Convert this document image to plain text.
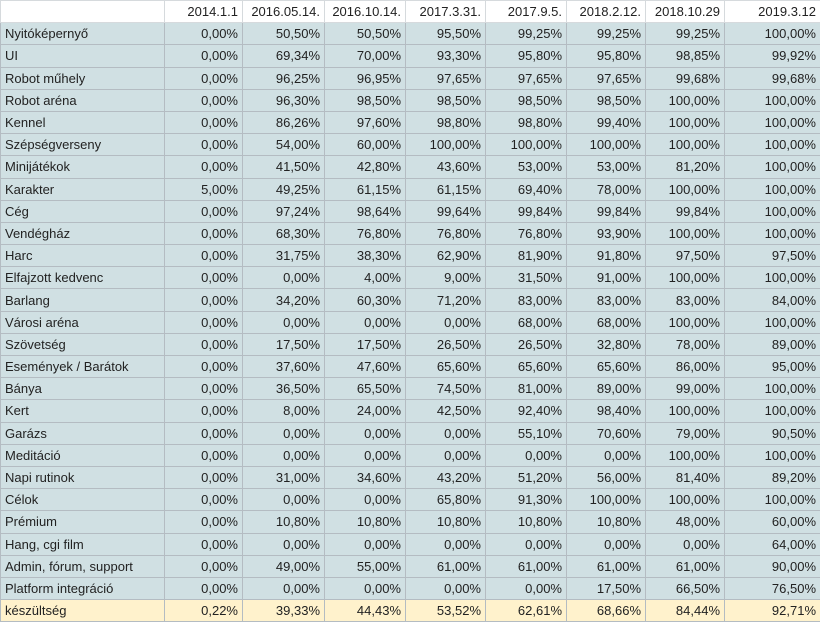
	2014.1.1	2016.05.14.	2016.10.14.	2017.3.31.	2017.9.5.	2018.2.12.	2018.10.29	2019.3.12
Nyitóképernyő	0,00%	50,50%	50,50%	95,50%	99,25%	99,25%	99,25%	100,00%
UI	0,00%	69,34%	70,00%	93,30%	95,80%	95,80%	98,85%	99,92%
Robot műhely	0,00%	96,25%	96,95%	97,65%	97,65%	97,65%	99,68%	99,68%
Robot aréna	0,00%	96,30%	98,50%	98,50%	98,50%	98,50%	100,00%	100,00%
Kennel	0,00%	86,26%	97,60%	98,80%	98,80%	99,40%	100,00%	100,00%
Szépségverseny	0,00%	54,00%	60,00%	100,00%	100,00%	100,00%	100,00%	100,00%
Minijátékok	0,00%	41,50%	42,80%	43,60%	53,00%	53,00%	81,20%	100,00%
Karakter	5,00%	49,25%	61,15%	61,15%	69,40%	78,00%	100,00%	100,00%
Cég	0,00%	97,24%	98,64%	99,64%	99,84%	99,84%	99,84%	100,00%
Vendégház	0,00%	68,30%	76,80%	76,80%	76,80%	93,90%	100,00%	100,00%
Harc	0,00%	31,75%	38,30%	62,90%	81,90%	91,80%	97,50%	97,50%
Elfajzott kedvenc	0,00%	0,00%	4,00%	9,00%	31,50%	91,00%	100,00%	100,00%
Barlang	0,00%	34,20%	60,30%	71,20%	83,00%	83,00%	83,00%	84,00%
Városi aréna	0,00%	0,00%	0,00%	0,00%	68,00%	68,00%	100,00%	100,00%
Szövetség	0,00%	17,50%	17,50%	26,50%	26,50%	32,80%	78,00%	89,00%
Események / Barátok	0,00%	37,60%	47,60%	65,60%	65,60%	65,60%	86,00%	95,00%
Bánya	0,00%	36,50%	65,50%	74,50%	81,00%	89,00%	99,00%	100,00%
Kert	0,00%	8,00%	24,00%	42,50%	92,40%	98,40%	100,00%	100,00%
Garázs	0,00%	0,00%	0,00%	0,00%	55,10%	70,60%	79,00%	90,50%
Meditáció	0,00%	0,00%	0,00%	0,00%	0,00%	0,00%	100,00%	100,00%
Napi rutinok	0,00%	31,00%	34,60%	43,20%	51,20%	56,00%	81,40%	89,20%
Célok	0,00%	0,00%	0,00%	65,80%	91,30%	100,00%	100,00%	100,00%
Prémium	0,00%	10,80%	10,80%	10,80%	10,80%	10,80%	48,00%	60,00%
Hang, cgi film	0,00%	0,00%	0,00%	0,00%	0,00%	0,00%	0,00%	64,00%
Admin, fórum, support	0,00%	49,00%	55,00%	61,00%	61,00%	61,00%	61,00%	90,00%
Platform integráció	0,00%	0,00%	0,00%	0,00%	0,00%	17,50%	66,50%	76,50%
készültség	0,22%	39,33%	44,43%	53,52%	62,61%	68,66%	84,44%	92,71%
